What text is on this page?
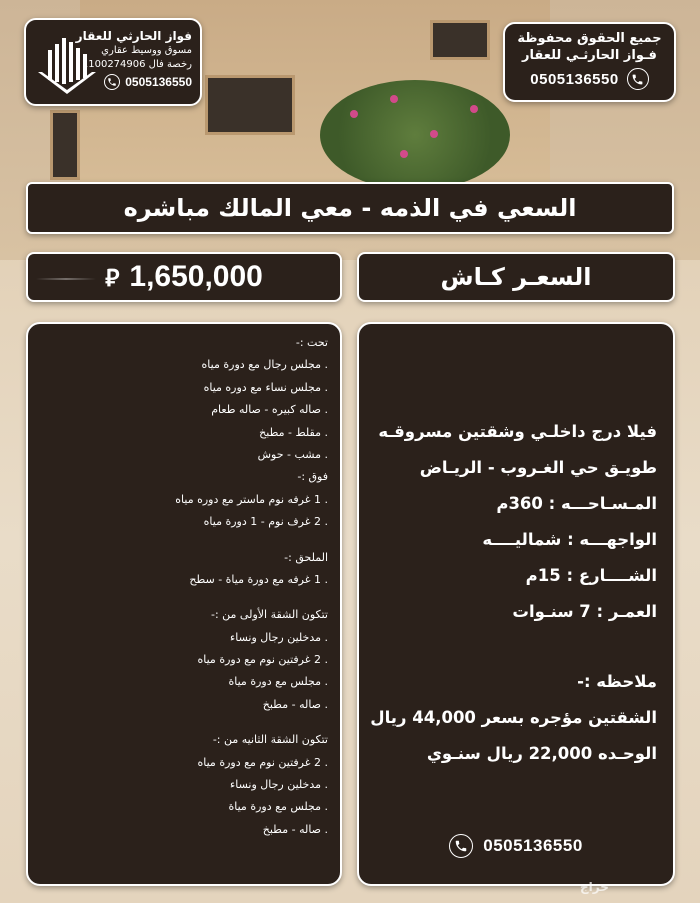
فواز الحارثي للعقار
مسوق ووسيط عقاري
رخصة فال 1100274906
0505136550
جميع الحقوق محفوظة
فـواز الحارثـي للعقار
0505136550
السعي في الذمه - معي المالك مباشره
السعـر كـاش
⃁ 1,650,000
تحت :-
. مجلس رجال مع دورة مياه
. مجلس نساء مع دوره مياه
. صاله كبيره - صاله طعام
. مقلط - مطبخ
. مشب - حوش
فوق :-
. 1 غرفه نوم ماستر مع دوره مياه
. 2 غرف نوم - 1 دورة مياه
الملحق :-
. 1 غرفه مع دورة مياة - سطح
تتكون الشقة الأولى من :-
. مدخلين رجال ونساء
. 2 غرفتين نوم مع دورة مياه
. مجلس مع دورة مياة
. صاله - مطبخ
تتكون الشقة الثانيه من :-
. 2 غرفتين نوم مع دورة مياه
. مدخلين رجال ونساء
. مجلس مع دورة مياة
. صاله - مطبخ
فيلا درج داخلـي وشقتين مسروقـه
طويـق حي الغـروب - الريـاض
المـسـاحـــه : 360م
الواجهـــه : شماليــــه
الشــــارع : 15م
العمـر : 7 سنـوات
ملاحظه :-
الشقتين مؤجره بسعر 44,000 ريال
الوحـده 22,000 ريال سنـوي
0505136550
حراج
